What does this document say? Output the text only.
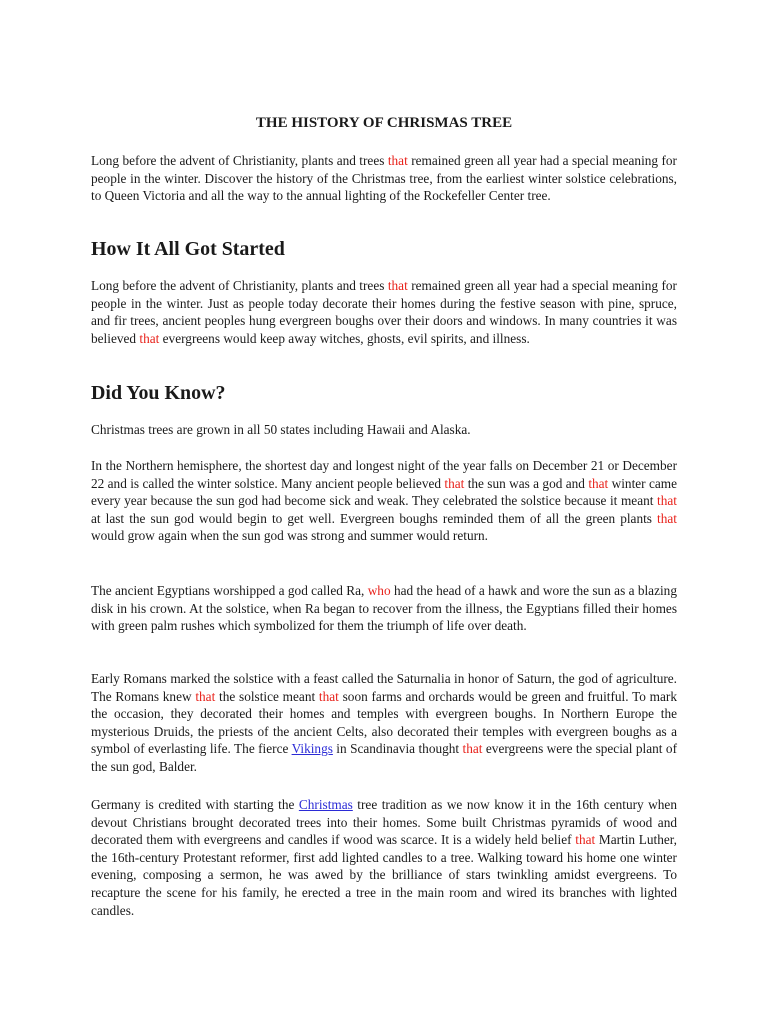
THE HISTORY OF CHRISMAS TREE

Long before the advent of Christianity, plants and trees that remained green all year had a special meaning for people in the winter. Discover the history of the Christmas tree, from the earliest winter solstice celebrations, to Queen Victoria and all the way to the annual lighting of the Rockefeller Center tree.

How It All Got Started

Long before the advent of Christianity, plants and trees that remained green all year had a special meaning for people in the winter. Just as people today decorate their homes during the festive season with pine, spruce, and fir trees, ancient peoples hung evergreen boughs over their doors and windows. In many countries it was believed that evergreens would keep away witches, ghosts, evil spirits, and illness.

Did You Know?

Christmas trees are grown in all 50 states including Hawaii and Alaska.

In the Northern hemisphere, the shortest day and longest night of the year falls on December 21 or December 22 and is called the winter solstice. Many ancient people believed that the sun was a god and that winter came every year because the sun god had become sick and weak. They celebrated the solstice because it meant that at last the sun god would begin to get well. Evergreen boughs reminded them of all the green plants that would grow again when the sun god was strong and summer would return.

The ancient Egyptians worshipped a god called Ra, who had the head of a hawk and wore the sun as a blazing disk in his crown. At the solstice, when Ra began to recover from the illness, the Egyptians filled their homes with green palm rushes which symbolized for them the triumph of life over death.

Early Romans marked the solstice with a feast called the Saturnalia in honor of Saturn, the god of agriculture. The Romans knew that the solstice meant that soon farms and orchards would be green and fruitful. To mark the occasion, they decorated their homes and temples with evergreen boughs. In Northern Europe the mysterious Druids, the priests of the ancient Celts, also decorated their temples with evergreen boughs as a symbol of everlasting life. The fierce Vikings in Scandinavia thought that evergreens were the special plant of the sun god, Balder.

Germany is credited with starting the Christmas tree tradition as we now know it in the 16th century when devout Christians brought decorated trees into their homes. Some built Christmas pyramids of wood and decorated them with evergreens and candles if wood was scarce. It is a widely held belief that Martin Luther, the 16th-century Protestant reformer, first add lighted candles to a tree. Walking toward his home one winter evening, composing a sermon, he was awed by the brilliance of stars twinkling amidst evergreens. To recapture the scene for his family, he erected a tree in the main room and wired its branches with lighted candles.
